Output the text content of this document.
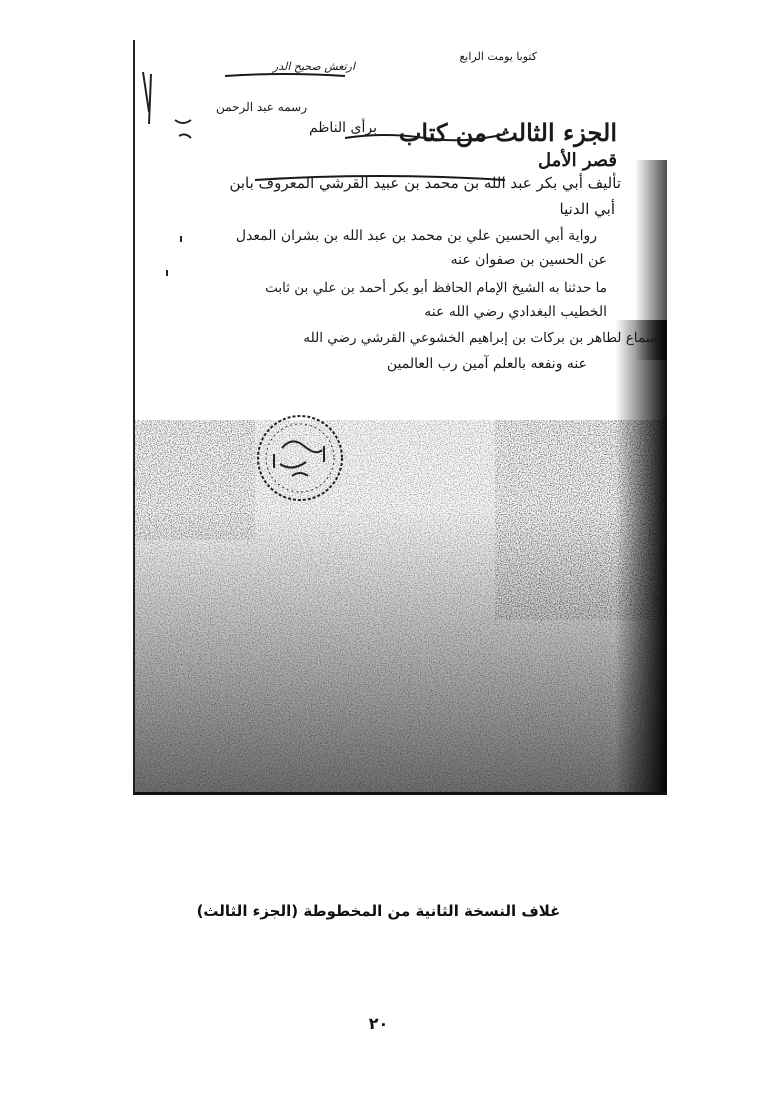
كتوبا يومت الرابع
ارتعش صحيح الدر
رسمه عبد الرحمن
برأى الناظم الجزء الثالث من كتاب
قصر الأمل
تأليف أبي بكر عبد الله بن محمد بن عبيد القرشي المعروف بابن
أبي الدنيا
رواية أبي الحسين علي بن محمد بن عبد الله بن بشران المعدل
عن الحسين بن صفوان عنه
ما حدثنا به الشيخ الإمام الحافظ أبو بكر أحمد بن علي بن ثابت
الخطيب البغدادي رضي الله عنه
سماع لطاهر بن بركات بن إبراهيم الخشوعي القرشي رضي الله
عنه ونفعه بالعلم آمين رب العالمين
غلاف النسخة الثانية من المخطوطة (الجزء الثالث)
٢٠
